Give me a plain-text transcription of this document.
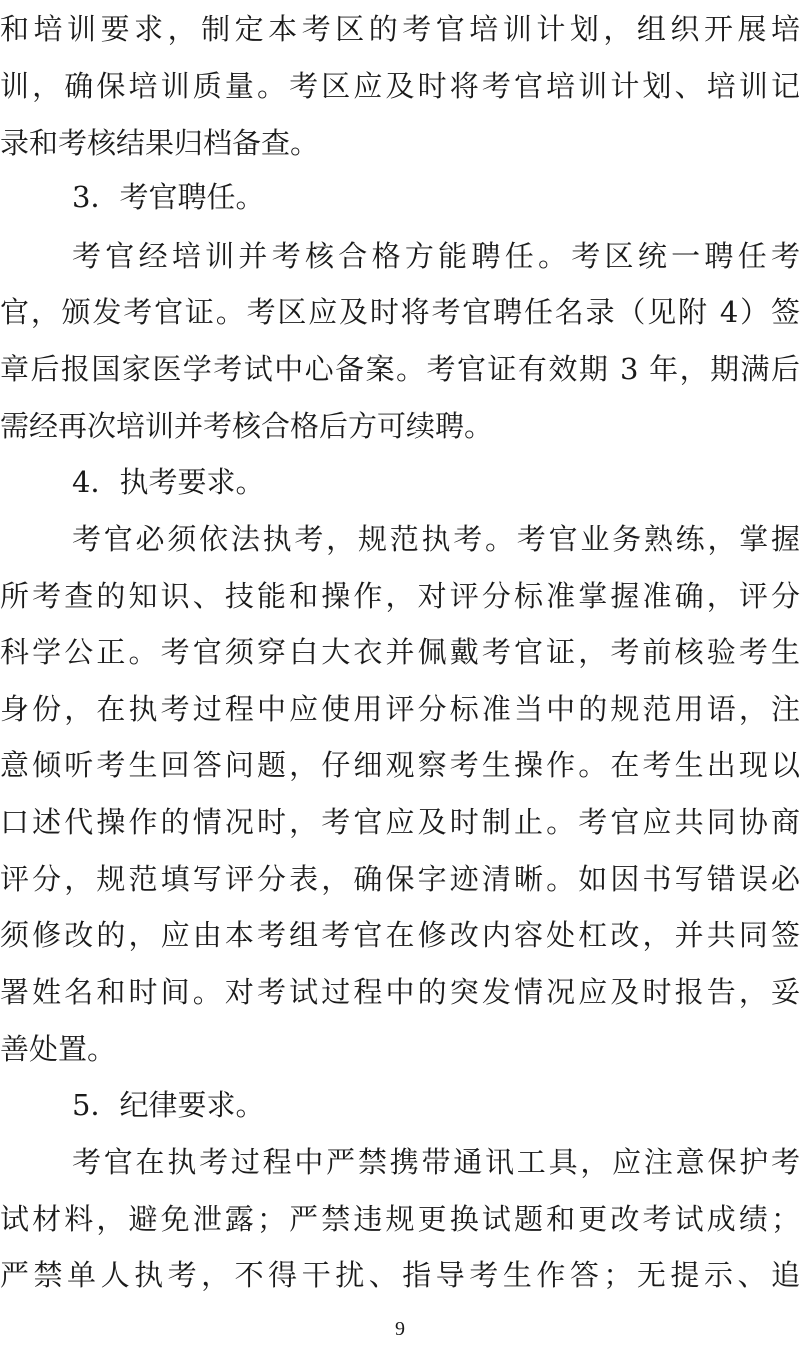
和培训要求，制定本考区的考官培训计划，组织开展培
训，确保培训质量。考区应及时将考官培训计划、培训记
录和考核结果归档备查。
3．考官聘任。
考官经培训并考核合格方能聘任。考区统一聘任考
官，颁发考官证。考区应及时将考官聘任名录（见附 4）签
章后报国家医学考试中心备案。考官证有效期 3 年，期满后
需经再次培训并考核合格后方可续聘。
4．执考要求。
考官必须依法执考，规范执考。考官业务熟练，掌握
所考查的知识、技能和操作，对评分标准掌握准确，评分
科学公正。考官须穿白大衣并佩戴考官证，考前核验考生
身份，在执考过程中应使用评分标准当中的规范用语，注
意倾听考生回答问题，仔细观察考生操作。在考生出现以
口述代操作的情况时，考官应及时制止。考官应共同协商
评分，规范填写评分表，确保字迹清晰。如因书写错误必
须修改的，应由本考组考官在修改内容处杠改，并共同签
署姓名和时间。对考试过程中的突发情况应及时报告，妥
善处置。
5．纪律要求。
考官在执考过程中严禁携带通讯工具，应注意保护考
试材料，避免泄露；严禁违规更换试题和更改考试成绩；
严禁单人执考，不得干扰、指导考生作答；无提示、追
9
